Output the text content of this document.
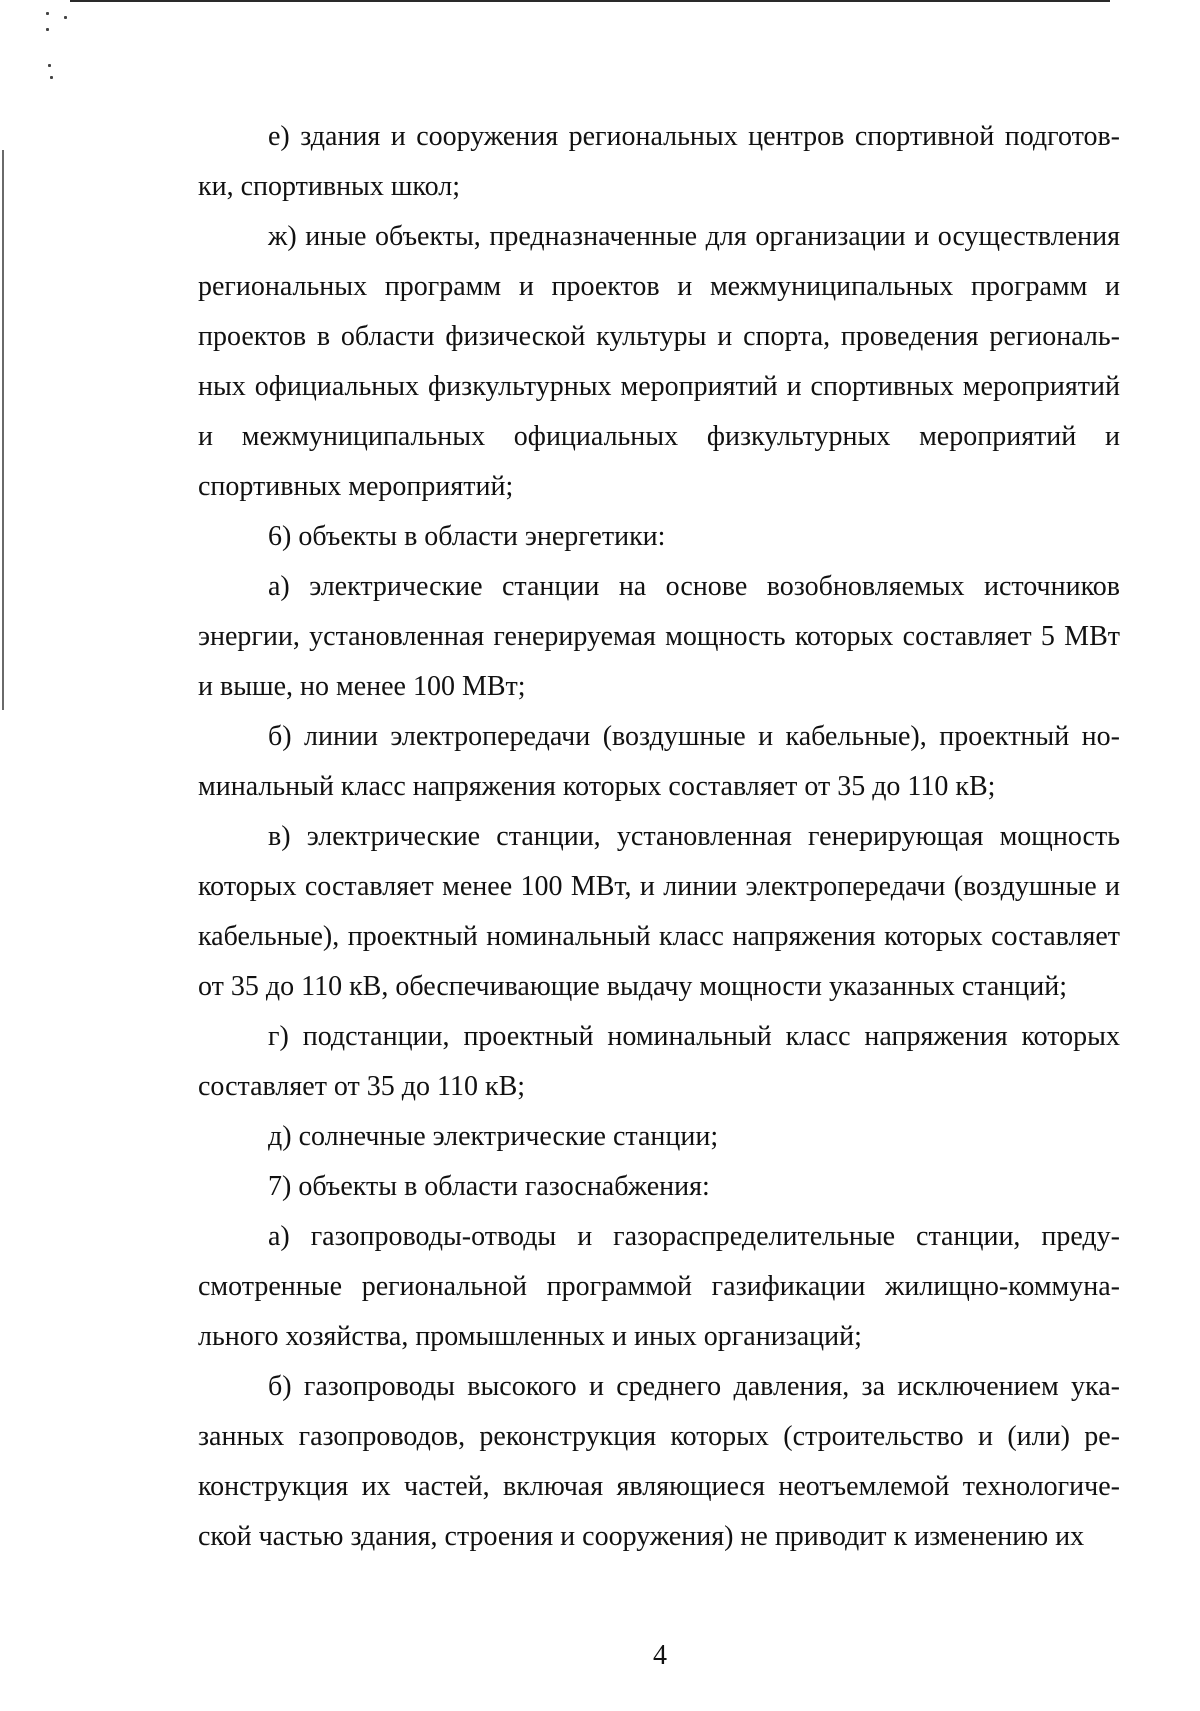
е) здания и сооружения региональных центров спортивной подготовки, спортивных школ;

ж) иные объекты, предназначенные для организации и осуществления региональных программ и проектов и межмуниципальных программ и проектов в области физической культуры и спорта, проведения региональных официальных физкультурных мероприятий и спортивных мероприятий и межмуниципальных официальных физкультурных мероприятий и спортивных мероприятий;

6) объекты в области энергетики:

а) электрические станции на основе возобновляемых источников энергии, установленная генерируемая мощность которых составляет 5 МВт и выше, но менее 100 МВт;

б) линии электропередачи (воздушные и кабельные), проектный номинальный класс напряжения которых составляет от 35 до 110 кВ;

в) электрические станции, установленная генерирующая мощность которых составляет менее 100 МВт, и линии электропередачи (воздушные и кабельные), проектный номинальный класс напряжения которых составляет от 35 до 110 кВ, обеспечивающие выдачу мощности указанных станций;

г) подстанции, проектный номинальный класс напряжения которых составляет от 35 до 110 кВ;

д) солнечные электрические станции;

7) объекты в области газоснабжения:

а) газопроводы-отводы и газораспределительные станции, предусмотренные региональной программой газификации жилищно-коммунального хозяйства, промышленных и иных организаций;

б) газопроводы высокого и среднего давления, за исключением указанных газопроводов, реконструкция которых (строительство и (или) реконструкция их частей, включая являющиеся неотъемлемой технологической частью здания, строения и сооружения) не приводит к изменению их

4
